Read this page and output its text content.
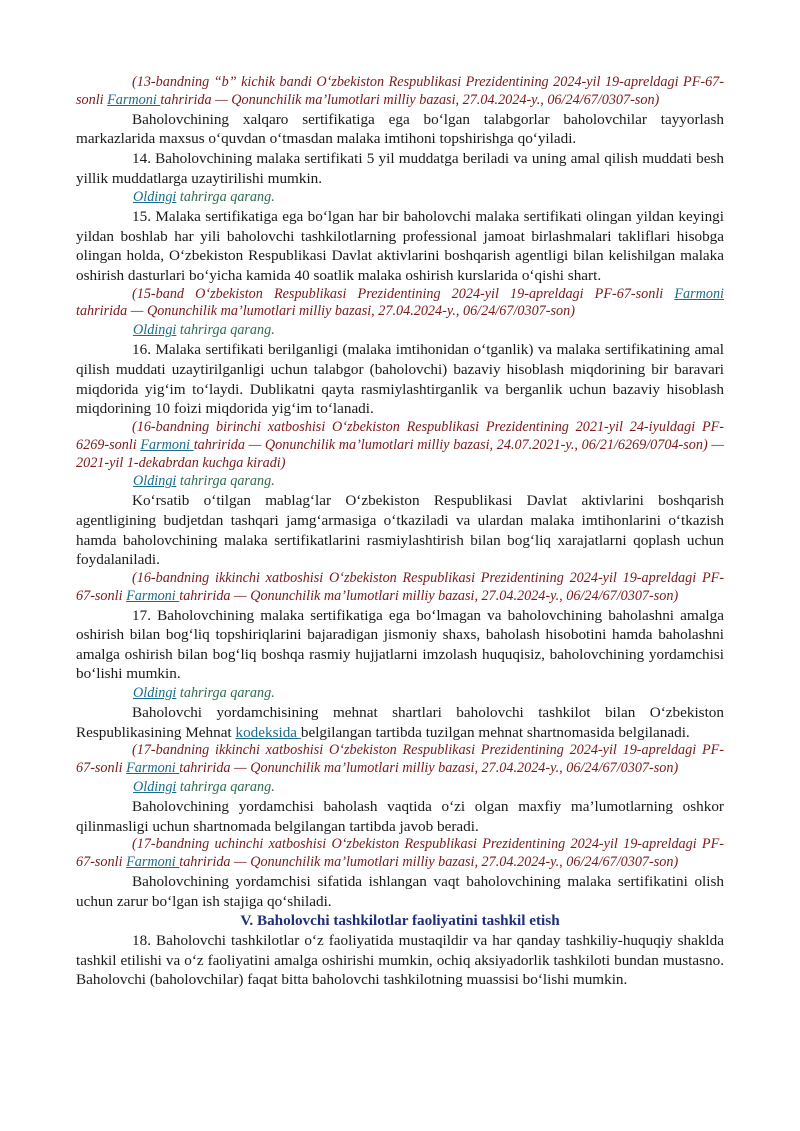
(13-bandning “b” kichik bandi O‘zbekiston Respublikasi Prezidentining 2024-yil 19-apreldagi PF-67-sonli Farmoni tahririda — Qonunchilik ma’lumotlari milliy bazasi, 27.04.2024-y., 06/24/67/0307-son)

Baholovchining xalqaro sertifikatiga ega bo‘lgan talabgorlar baholovchilar tayyorlash markazlarida maxsus o‘quvdan o‘tmasdan malaka imtihoni topshirishga qo‘yiladi.

14. Baholovchining malaka sertifikati 5 yil muddatga beriladi va uning amal qilish muddati besh yillik muddatlarga uzaytirilishi mumkin.

Oldingi tahrirga qarang.

15. Malaka sertifikatiga ega bo‘lgan har bir baholovchi malaka sertifikati olingan yildan keyingi yildan boshlab har yili baholovchi tashkilotlarning professional jamoat birlashmalari takliflari hisobga olingan holda, O‘zbekiston Respublikasi Davlat aktivlarini boshqarish agentligi bilan kelishilgan malaka oshirish dasturlari bo‘yicha kamida 40 soatlik malaka oshirish kurslarida o‘qishi shart.

(15-band O‘zbekiston Respublikasi Prezidentining 2024-yil 19-apreldagi PF-67-sonli Farmoni tahririda — Qonunchilik ma’lumotlari milliy bazasi, 27.04.2024-y., 06/24/67/0307-son)

Oldingi tahrirga qarang.

16. Malaka sertifikati berilganligi (malaka imtihonidan o‘tganlik) va malaka sertifikatining amal qilish muddati uzaytirilganligi uchun talabgor (baholovchi) bazaviy hisoblash miqdorining bir baravari miqdorida yig‘im to‘laydi. Dublikatni qayta rasmiylashtirganlik va berganlik uchun bazaviy hisoblash miqdorining 10 foizi miqdorida yig‘im to‘lanadi.

(16-bandning birinchi xatboshisi O‘zbekiston Respublikasi Prezidentining 2021-yil 24-iyuldagi PF-6269-sonli Farmoni tahririda — Qonunchilik ma’lumotlari milliy bazasi, 24.07.2021-y., 06/21/6269/0704-son) — 2021-yil 1-dekabrdan kuchga kiradi)

Oldingi tahrirga qarang.

Ko‘rsatib o‘tilgan mablag‘lar O‘zbekiston Respublikasi Davlat aktivlarini boshqarish agentligining budjetdan tashqari jamg‘armasiga o‘tkaziladi va ulardan malaka imtihonlarini o‘tkazish hamda baholovchining malaka sertifikatlarini rasmiylashtirish bilan bog‘liq xarajatlarni qoplash uchun foydalaniladi.

(16-bandning ikkinchi xatboshisi O‘zbekiston Respublikasi Prezidentining 2024-yil 19-apreldagi PF-67-sonli Farmoni tahririda — Qonunchilik ma’lumotlari milliy bazasi, 27.04.2024-y., 06/24/67/0307-son)

17. Baholovchining malaka sertifikatiga ega bo‘lmagan va baholovchining baholashni amalga oshirish bilan bog‘liq topshiriqlarini bajaradigan jismoniy shaxs, baholash hisobotini hamda baholashni amalga oshirish bilan bog‘liq boshqa rasmiy hujjatlarni imzolash huquqisiz, baholovchining yordamchisi bo‘lishi mumkin.

Oldingi tahrirga qarang.

Baholovchi yordamchisining mehnat shartlari baholovchi tashkilot bilan O‘zbekiston Respublikasining Mehnat kodeksida belgilangan tartibda tuzilgan mehnat shartnomasida belgilanadi.

(17-bandning ikkinchi xatboshisi O‘zbekiston Respublikasi Prezidentining 2024-yil 19-apreldagi PF-67-sonli Farmoni tahririda — Qonunchilik ma’lumotlari milliy bazasi, 27.04.2024-y., 06/24/67/0307-son)

Oldingi tahrirga qarang.

Baholovchining yordamchisi baholash vaqtida o‘zi olgan maxfiy ma’lumotlarning oshkor qilinmasligi uchun shartnomada belgilangan tartibda javob beradi.

(17-bandning uchinchi xatboshisi O‘zbekiston Respublikasi Prezidentining 2024-yil 19-apreldagi PF-67-sonli Farmoni tahririda — Qonunchilik ma’lumotlari milliy bazasi, 27.04.2024-y., 06/24/67/0307-son)

Baholovchining yordamchisi sifatida ishlangan vaqt baholovchining malaka sertifikatini olish uchun zarur bo‘lgan ish stajiga qo‘shiladi.

V. Baholovchi tashkilotlar faoliyatini tashkil etish

18. Baholovchi tashkilotlar o‘z faoliyatida mustaqildir va har qanday tashkiliy-huquqiy shaklda tashkil etilishi va o‘z faoliyatini amalga oshirishi mumkin, ochiq aksiyadorlik tashkiloti bundan mustasno. Baholovchi (baholovchilar) faqat bitta baholovchi tashkilotning muassisi bo‘lishi mumkin.
